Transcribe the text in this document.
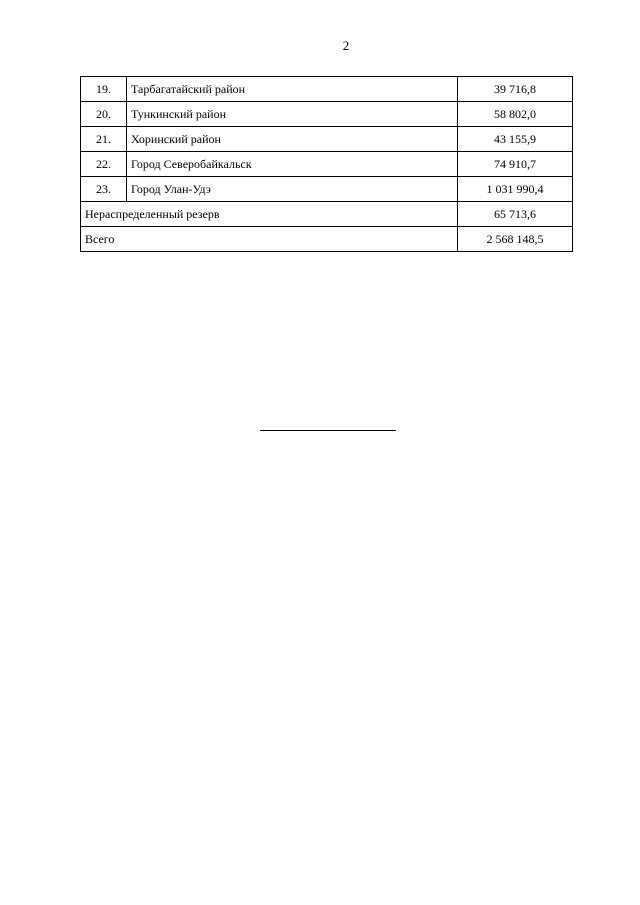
2
19.	Тарбагатайский район	39 716,8
20.	Тункинский район	58 802,0
21.	Хоринский район	43 155,9
22.	Город Северобайкальск	74 910,7
23.	Город Улан-Удэ	1 031 990,4
Нераспределенный резерв		65 713,6
Всего		2 568 148,5
